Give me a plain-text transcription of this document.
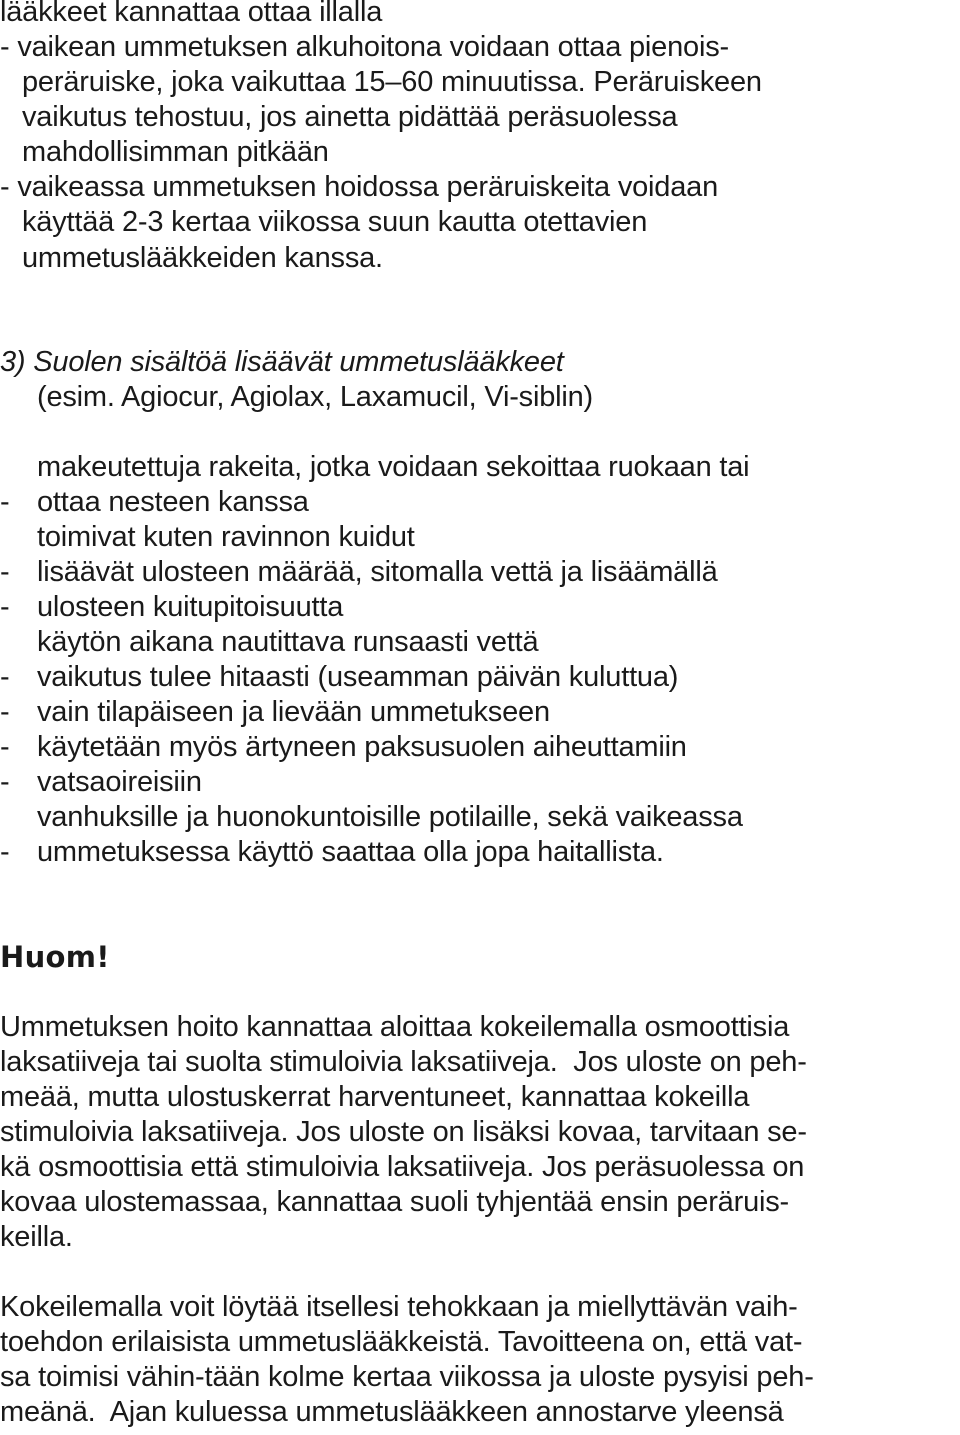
lääkkeet kannattaa ottaa illalla
- vaikean ummetuksen alkuhoitona voidaan ottaa pienois-
peräruiske, joka vaikuttaa 15–60 minuutissa. Peräruiskeen
vaikutus tehostuu, jos ainetta pidättää peräsuolessa
mahdollisimman pitkään
- vaikeassa ummetuksen hoidossa peräruiskeita voidaan
käyttää 2-3 kertaa viikossa suun kautta otettavien
ummetuslääkkeiden kanssa.
3) Suolen sisältöä lisäävät ummetuslääkkeet
(esim. Agiocur, Agiolax, Laxamucil, Vi-siblin)

-

makeutettuja rakeita, jotka voidaan sekoittaa ruokaan tai

ottaa nesteen kanssa

-

toimivat kuten ravinnon kuidut

-

lisäävät ulosteen määrää, sitomalla vettä ja lisäämällä

ulosteen kuitupitoisuutta

-

käytön aikana nautittava runsaasti vettä

-

vaikutus tulee hitaasti (useamman päivän kuluttua)

-

vain tilapäiseen ja lievään ummetukseen

-

käytetään myös ärtyneen paksusuolen aiheuttamiin

vatsaoireisiin

-

vanhuksille ja huonokuntoisille potilaille, sekä vaikeassa

ummetuksessa käyttö saattaa olla jopa haitallista.

Huom!
Ummetuksen hoito kannattaa aloittaa kokeilemalla osmoottisia
laksatiiveja tai suolta stimuloivia laksatiiveja.  Jos uloste on peh-
meää, mutta ulostuskerrat harventuneet, kannattaa kokeilla
stimuloivia laksatiiveja. Jos uloste on lisäksi kovaa, tarvitaan se-
kä osmoottisia että stimuloivia laksatiiveja. Jos peräsuolessa on
kovaa ulostemassaa, kannattaa suoli tyhjentää ensin peräruis-
keilla.
Kokeilemalla voit löytää itsellesi tehokkaan ja miellyttävän vaih-
toehdon erilaisista ummetuslääkkeistä. Tavoitteena on, että vat-
sa toimisi vähin-tään kolme kertaa viikossa ja uloste pysyisi peh-
meänä.  Ajan kuluessa ummetuslääkkeen annostarve yleensä
